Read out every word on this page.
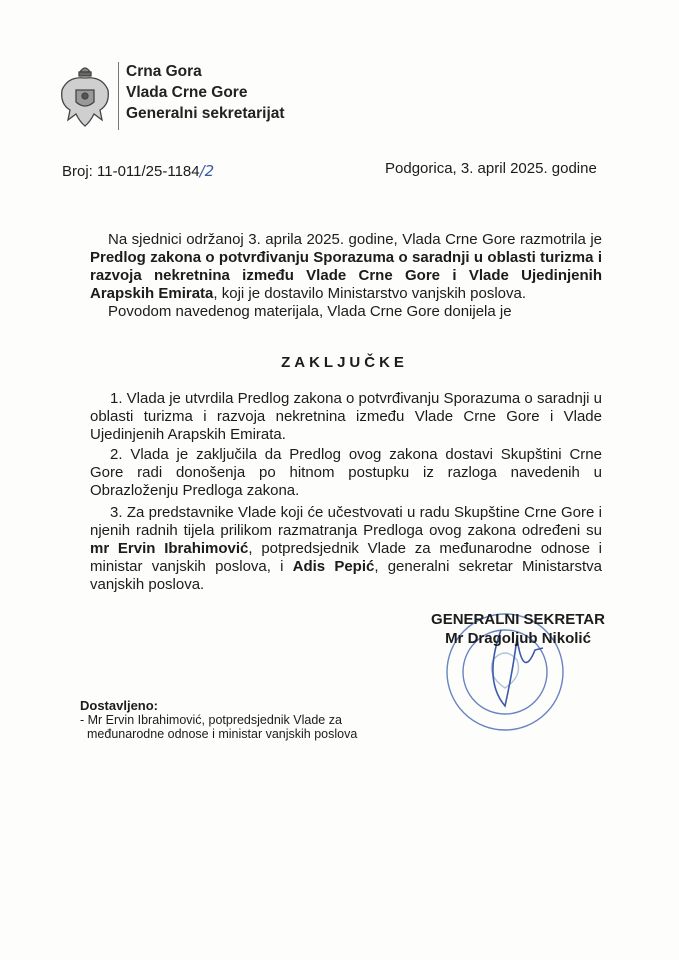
Crna Gora
Vlada Crne Gore
Generalni sekretarijat
Broj: 11-011/25-1184/2	Podgorica, 3. april 2025. godine

Na sjednici održanoj 3. aprila 2025. godine, Vlada Crne Gore razmotrila je Predlog zakona o potvrđivanju Sporazuma o saradnji u oblasti turizma i razvoja nekretnina između Vlade Crne Gore i Vlade Ujedinjenih Arapskih Emirata, koji je dostavilo Ministarstvo vanjskih poslova.

Povodom navedenog materijala, Vlada Crne Gore donijela je

ZAKLJUČKE

1. Vlada je utvrdila Predlog zakona o potvrđivanju Sporazuma o saradnji u oblasti turizma i razvoja nekretnina između Vlade Crne Gore i Vlade Ujedinjenih Arapskih Emirata.

2. Vlada je zaključila da Predlog ovog zakona dostavi Skupštini Crne Gore radi donošenja po hitnom postupku iz razloga navedenih u Obrazloženju Predloga zakona.

3. Za predstavnike Vlade koji će učestvovati u radu Skupštine Crne Gore i njenih radnih tijela prilikom razmatranja Predloga ovog zakona određeni su mr Ervin Ibrahimović, potpredsjednik Vlade za međunarodne odnose i ministar vanjskih poslova, i Adis Pepić, generalni sekretar Ministarstva vanjskih poslova.

GENERALNI SEKRETAR
Mr Dragoljub Nikolić
Dostavljeno:
- Mr Ervin Ibrahimović, potpredsjednik Vlade za
međunarodne odnose i ministar vanjskih poslova
